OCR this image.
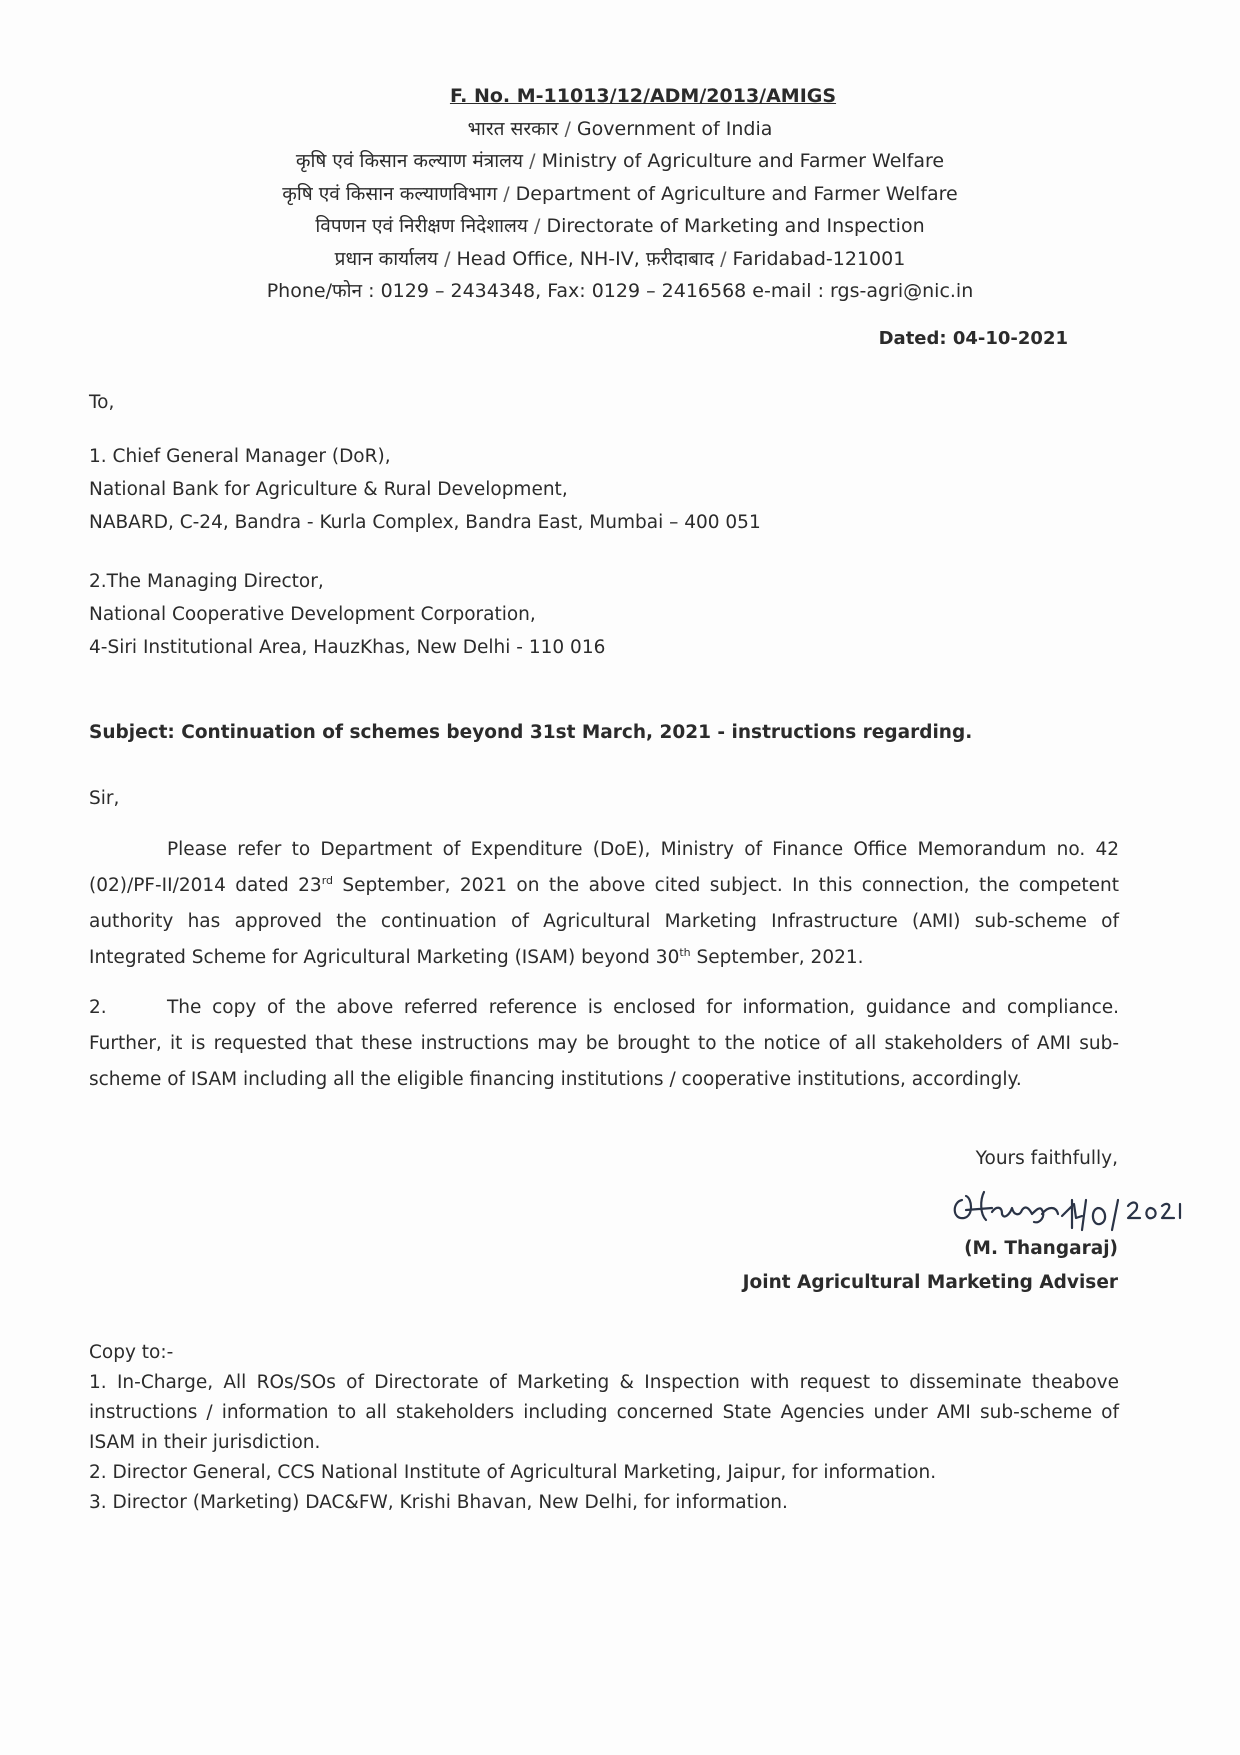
F. No. M-11013/12/ADM/2013/AMIGS
भारत सरकार / Government of India
कृषि एवं किसान कल्याण मंत्रालय / Ministry of Agriculture and Farmer Welfare
कृषि एवं किसान कल्याणविभाग / Department of Agriculture and Farmer Welfare
विपणन एवं निरीक्षण निदेशालय / Directorate of Marketing and Inspection
प्रधान कार्यालय / Head Office, NH-IV, फ़रीदाबाद / Faridabad-121001
Phone/फोन : 0129 – 2434348, Fax: 0129 – 2416568 e-mail : rgs-agri@nic.in
Dated: 04-10-2021
To,
1. Chief General Manager (DoR),
National Bank for Agriculture & Rural Development,
NABARD, C-24, Bandra - Kurla Complex, Bandra East, Mumbai – 400 051
2.The Managing Director,
National Cooperative Development Corporation,
4-Siri Institutional Area, HauzKhas, New Delhi - 110 016
Subject: Continuation of schemes beyond 31st March, 2021 - instructions regarding.
Sir,
Please refer to Department of Expenditure (DoE), Ministry of Finance Office Memorandum no. 42 (02)/PF-II/2014 dated 23rd September, 2021 on the above cited subject. In this connection, the competent authority has approved the continuation of Agricultural Marketing Infrastructure (AMI) sub-scheme of Integrated Scheme for Agricultural Marketing (ISAM) beyond 30th September, 2021.
2.	The copy of the above referred reference is enclosed for information, guidance and compliance. Further, it is requested that these instructions may be brought to the notice of all stakeholders of AMI sub-scheme of ISAM including all the eligible financing institutions / cooperative institutions, accordingly.
Yours faithfully,
(M. Thangaraj)
Joint Agricultural Marketing Adviser
Copy to:-
1. In-Charge, All ROs/SOs of Directorate of Marketing & Inspection with request to disseminate theabove instructions / information to all stakeholders including concerned State Agencies under AMI sub-scheme of ISAM in their jurisdiction.
2. Director General, CCS National Institute of Agricultural Marketing, Jaipur, for information.
3. Director (Marketing) DAC&FW, Krishi Bhavan, New Delhi, for information.
